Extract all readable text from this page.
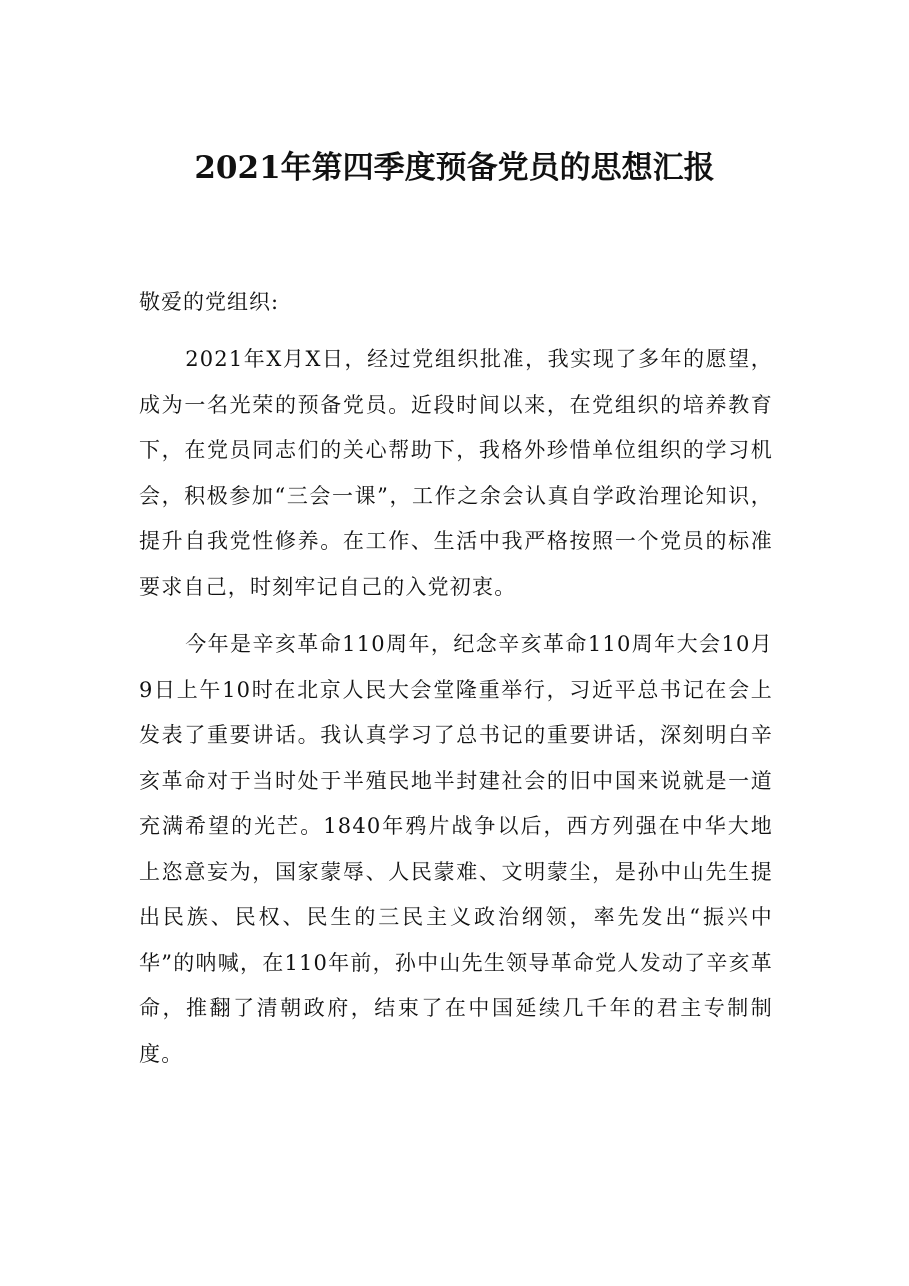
2021年第四季度预备党员的思想汇报

敬爱的党组织:

2021年X月X日，经过党组织批准，我实现了多年的愿望，成为一名光荣的预备党员。近段时间以来，在党组织的培养教育下，在党员同志们的关心帮助下，我格外珍惜单位组织的学习机会，积极参加“三会一课”，工作之余会认真自学政治理论知识，提升自我党性修养。在工作、生活中我严格按照一个党员的标准要求自己，时刻牢记自己的入党初衷。

今年是辛亥革命110周年，纪念辛亥革命110周年大会10月9日上午10时在北京人民大会堂隆重举行，习近平总书记在会上发表了重要讲话。我认真学习了总书记的重要讲话，深刻明白辛亥革命对于当时处于半殖民地半封建社会的旧中国来说就是一道充满希望的光芒。1840年鸦片战争以后，西方列强在中华大地上恣意妄为，国家蒙辱、人民蒙难、文明蒙尘，是孙中山先生提出民族、民权、民生的三民主义政治纲领，率先发出“振兴中华”的呐喊，在110年前，孙中山先生领导革命党人发动了辛亥革命，推翻了清朝政府，结束了在中国延续几千年的君主专制制度。
